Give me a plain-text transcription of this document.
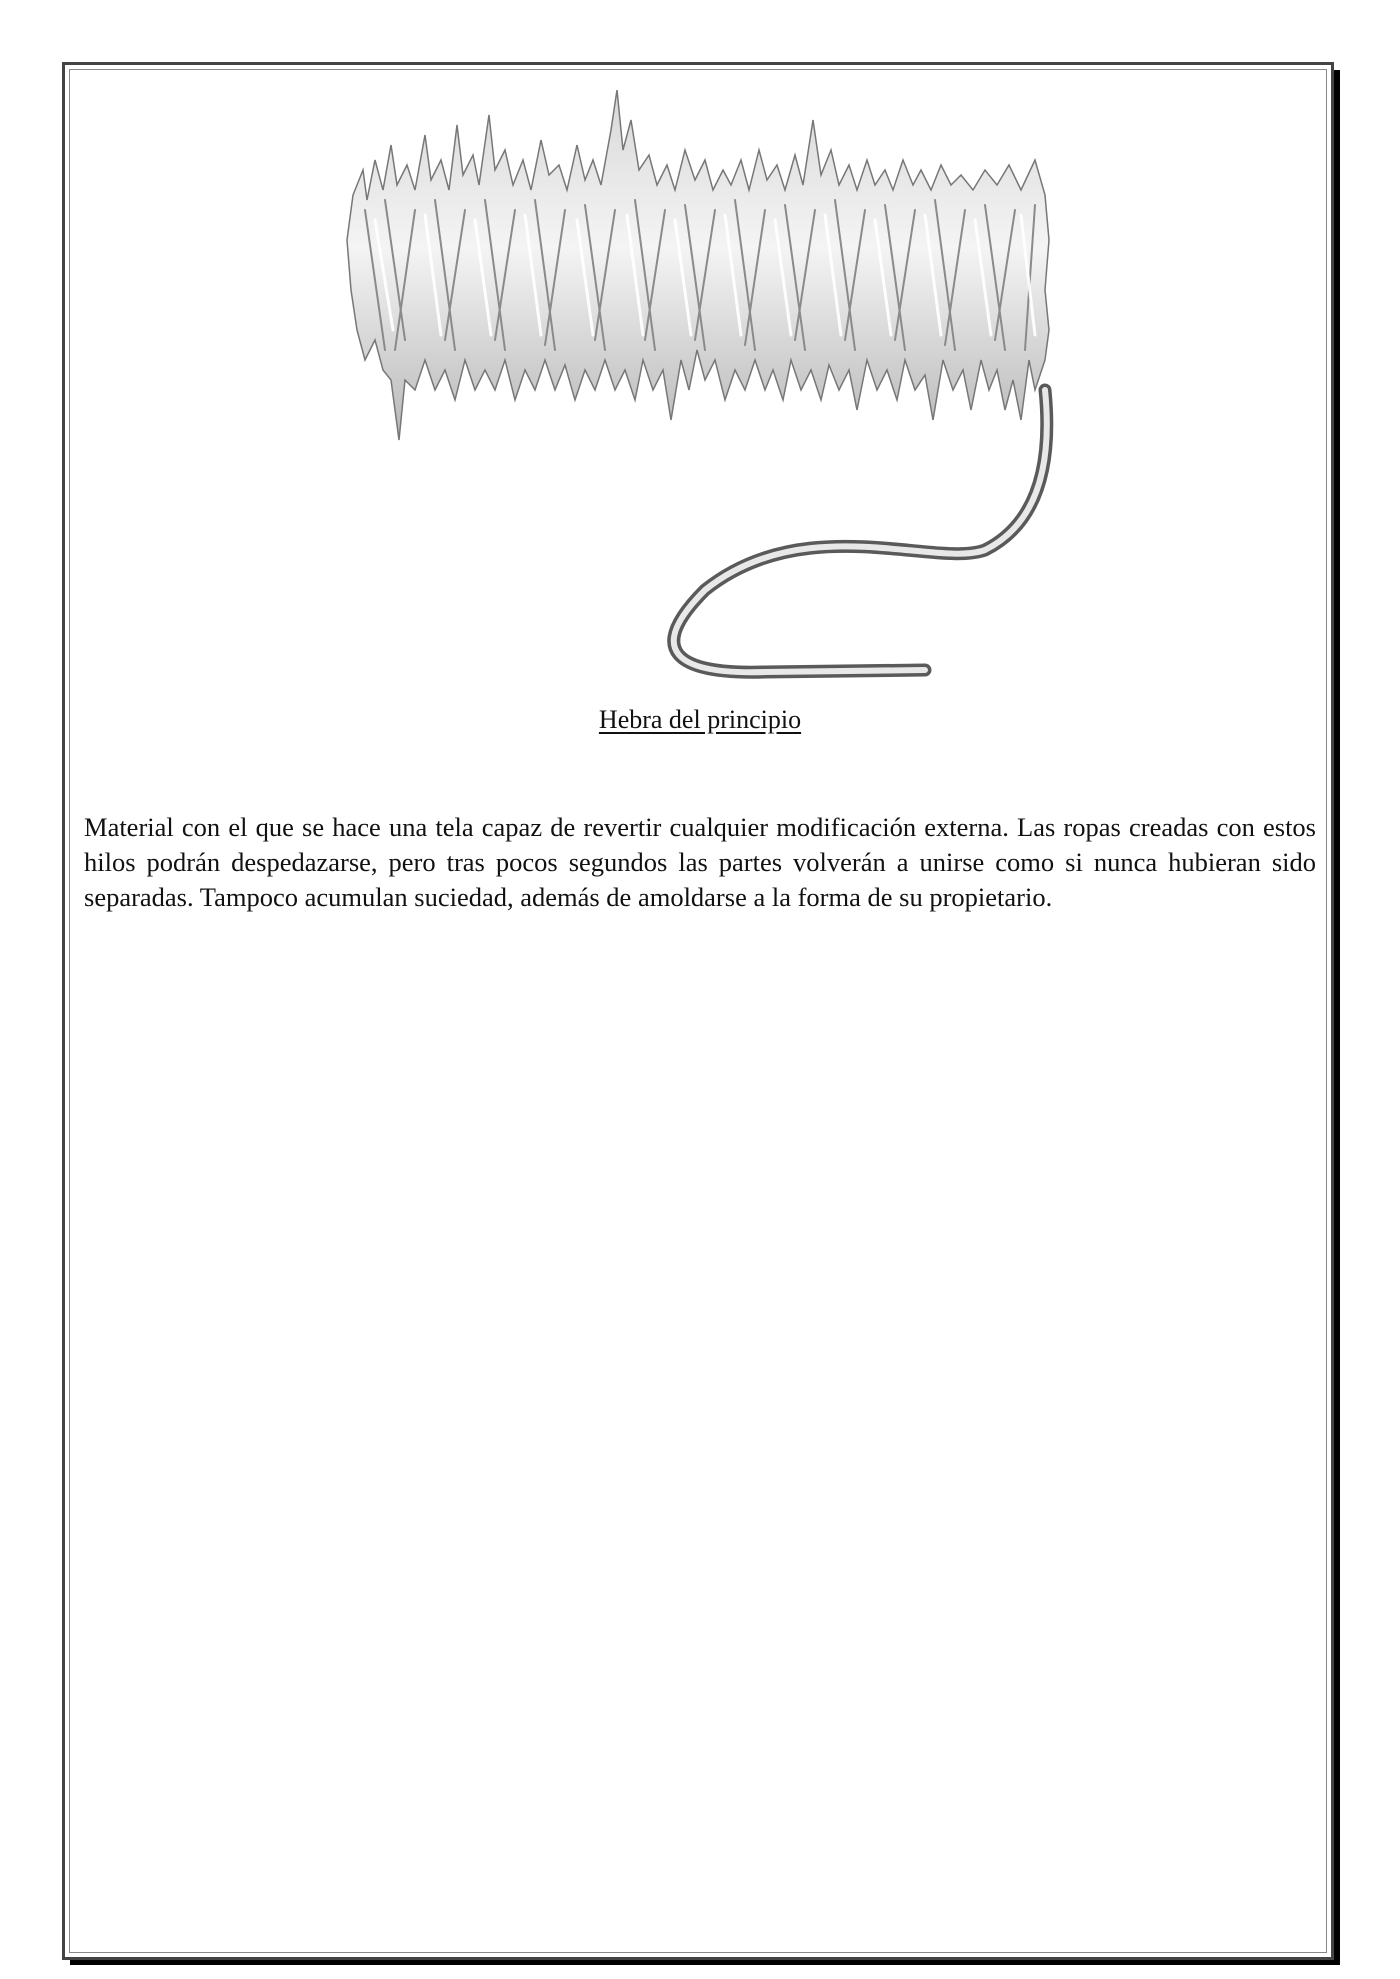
Hebra del principio

Material con el que se hace una tela capaz de revertir cualquier modificación externa. Las ropas creadas con estos hilos podrán despedazarse, pero tras pocos segundos las partes volverán a unirse como si nunca hubieran sido separadas. Tampoco acumulan suciedad, además de amoldarse a la forma de su propietario.
